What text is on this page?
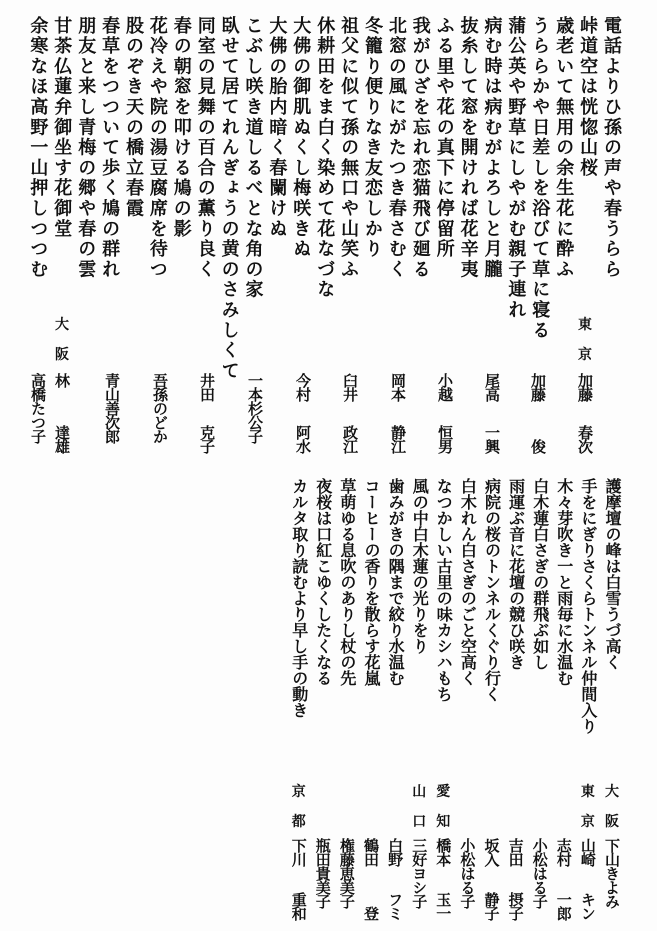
電話よりひ孫の声や春うらら
峠道空は恍惚山桜
歳老いて無用の余生花に酔ふ
うららかや日差しを浴びて草に寝る
蒲公英や野草にしやがむ親子連れ
病む時は病むがよろしと月朧
抜糸して窓を開ければ花辛夷
ふる里や花の真下に停留所
我がひざを忘れ恋猫飛び廻る
北窓の風にがたつき春さむく
冬籠り便りなき友恋しかり
祖父に似て孫の無口や山笑ふ
休耕田をま白く染めて花なづな
大佛の御肌ぬくし梅咲きぬ
大佛の胎内暗く春闌けぬ
こぶし咲き道しるべとな角の家
臥せて居てれんぎょうの黄のさみしくて
同室の見舞の百合の薫り良く
春の朝窓を叩ける鳩の影
花冷えや院の湯豆腐席を待つ
股のぞき天の橋立春霞
春草をつついて歩く鳩の群れ
朋友と来し青梅の郷や春の雲
甘茶仏蓮弁御坐す花御堂
余寒なほ高野一山押しつつむ
護摩壇の峰は白雪うづ高く
手をにぎりさくらトンネル仲間入り
木々芽吹き一と雨毎に水温む
白木蓮白さぎの群飛ぶ如し
雨運ぶ音に花壇の競ひ咲き
病院の桜のトンネルくぐり行く
白木れん白さぎのごと空高く
なつかしい古里の味カシハもち
風の中白木蓮の光りをり
歯みがきの隅まで絞り水温む
コーヒーの香りを散らす花嵐
草萌ゆる息吹のありし杖の先
夜桜は口紅こゆくしたくなる
カルタ取り読むより早し手の動き
東
京
加藤
春次
加藤
俊
尾高
一興
小越
恒男
岡本
静江
臼井
政江
今村
阿水
一本杉公子
井田
克子
吾孫のどか
青山善次郎
大
阪
林
達雄
高橋たつ子
大
阪
下山きよみ
東
京
山崎
キン
志村
一郎
小松はる子
吉田
摂子
坂入
静子
小松はる子
愛
知
橋本
玉一
山
口
三好ヨシ子
白野
フミ
鶴田
登
権藤恵美子
瓶田貴美子
京
都
下川
重和
